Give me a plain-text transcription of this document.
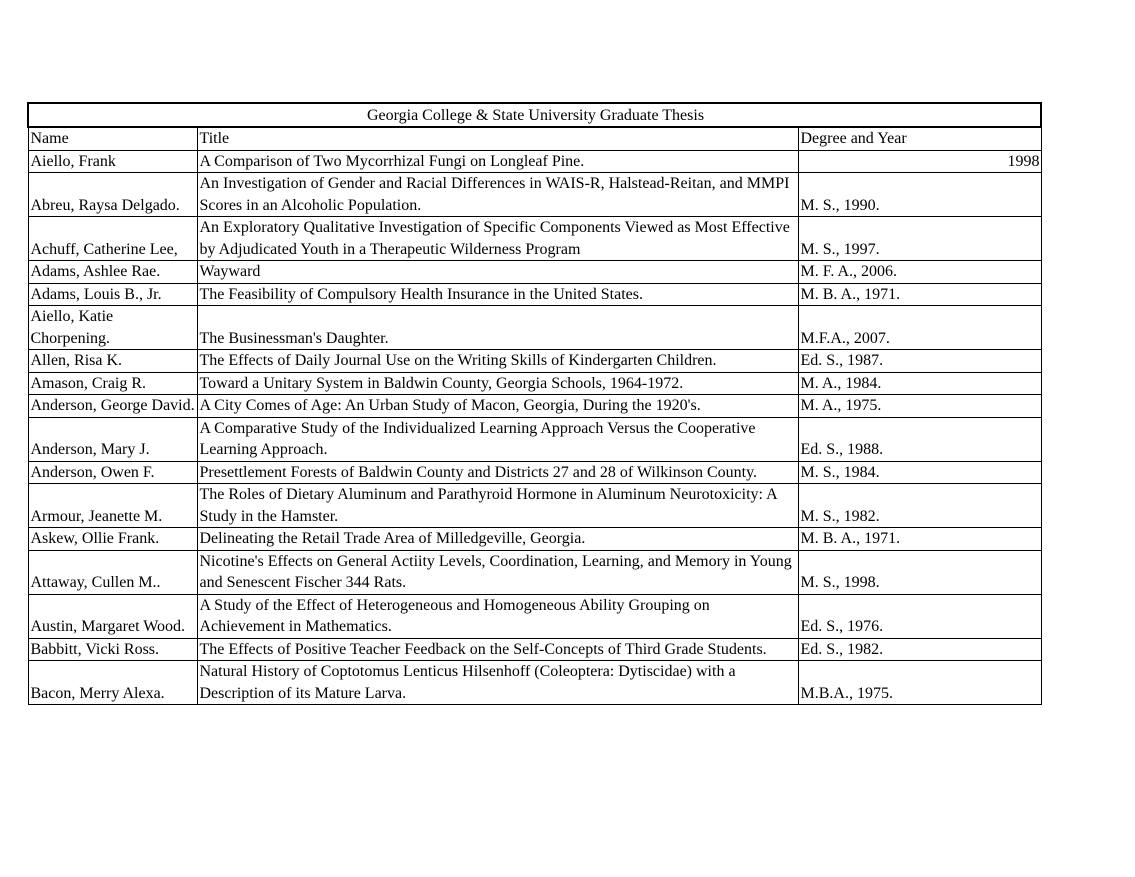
Georgia College & State University Graduate Thesis		
Name	Title	Degree and Year
Aiello, Frank	A Comparison of Two Mycorrhizal Fungi on Longleaf Pine.	1998
Abreu, Raysa Delgado.	An Investigation of Gender and Racial Differences in WAIS-R, Halstead-Reitan, and MMPI Scores in an Alcoholic Population.	M. S., 1990.
Achuff, Catherine Lee,	An Exploratory Qualitative Investigation of Specific Components Viewed as Most Effective by Adjudicated Youth in a Therapeutic Wilderness Program	M. S., 1997.
Adams, Ashlee Rae.	Wayward	M. F. A., 2006.
Adams, Louis B., Jr.	The Feasibility of Compulsory Health Insurance in the United States.	M. B. A., 1971.
Aiello, Katie Chorpening.	The Businessman's Daughter.	M.F.A., 2007.
Allen, Risa K.	The Effects of Daily Journal Use on the Writing Skills of Kindergarten Children.	Ed. S., 1987.
Amason, Craig R.	Toward a Unitary System in Baldwin County, Georgia Schools, 1964-1972.	M. A., 1984.
Anderson, George David.	A City Comes of Age: An Urban Study of Macon, Georgia, During the 1920's.	M. A., 1975.
Anderson, Mary J.	A Comparative Study of the Individualized Learning Approach Versus the Cooperative Learning Approach.	Ed. S., 1988.
Anderson, Owen F.	Presettlement Forests of Baldwin County and Districts 27 and 28 of Wilkinson County.	M. S., 1984.
Armour, Jeanette M.	The Roles of Dietary Aluminum and Parathyroid Hormone in Aluminum Neurotoxicity: A Study in the Hamster.	M. S., 1982.
Askew, Ollie Frank.	Delineating the Retail Trade Area of Milledgeville, Georgia.	M. B. A., 1971.
Attaway, Cullen M..	Nicotine's Effects on General Actiity Levels, Coordination, Learning, and Memory in Young and Senescent Fischer 344 Rats.	M. S., 1998.
Austin, Margaret Wood.	A Study of the Effect of Heterogeneous and Homogeneous Ability Grouping on Achievement in Mathematics.	Ed. S., 1976.
Babbitt, Vicki Ross.	The Effects of Positive Teacher Feedback on the Self-Concepts of Third Grade Students.	Ed. S., 1982.
Bacon, Merry Alexa.	Natural History of Coptotomus Lenticus Hilsenhoff (Coleoptera: Dytiscidae) with a Description of its Mature Larva.	M.B.A., 1975.
